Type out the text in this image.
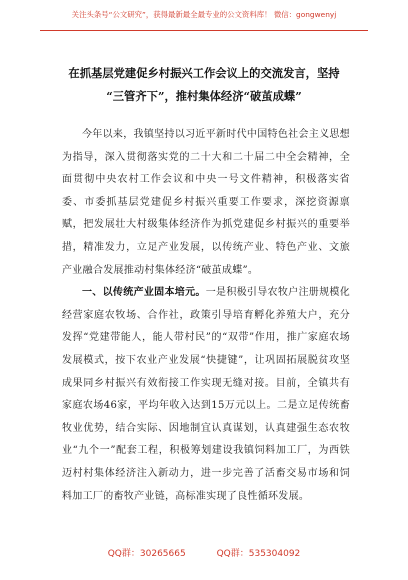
关注头条号“公文研究”，获得最新最全最专业的公文资料库！ 微信：gongwenyj
在抓基层党建促乡村振兴工作会议上的交流发言，坚持
“三管齐下”，推村集体经济“破茧成蝶”

今年以来，我镇坚持以习近平新时代中国特色社会主义思想为指导，深入贯彻落实党的二十大和二十届二中全会精神，全面贯彻中央农村工作会议和中央一号文件精神，积极落实省委、市委抓基层党建促乡村振兴重要工作要求，深挖资源禀赋，把发展壮大村级集体经济作为抓党建促乡村振兴的重要举措，精准发力，立足产业发展，以传统产业、特色产业、文旅产业融合发展推动村集体经济“破茧成蝶”。

一、以传统产业固本培元。一是积极引导农牧户注册规模化经营家庭农牧场、合作社，政策引导培育孵化养殖大户，充分发挥“党建带能人，能人带村民”的“双带”作用，推广家庭农场发展模式，按下农业产业发展“快捷键”，让巩固拓展脱贫攻坚成果同乡村振兴有效衔接工作实现无缝对接。目前，全镇共有家庭农场46家，平均年收入达到15万元以上。二是立足传统畜牧业优势，结合实际、因地制宜认真谋划，认真建强生态农牧业“九个一”配套工程，积极筹划建设我镇饲料加工厂，为西铁迈村村集体经济注入新动力，进一步完善了活畜交易市场和饲料加工厂的畜牧产业链，高标准实现了良性循环发展。

QQ群：30265665	QQ群：535304092
